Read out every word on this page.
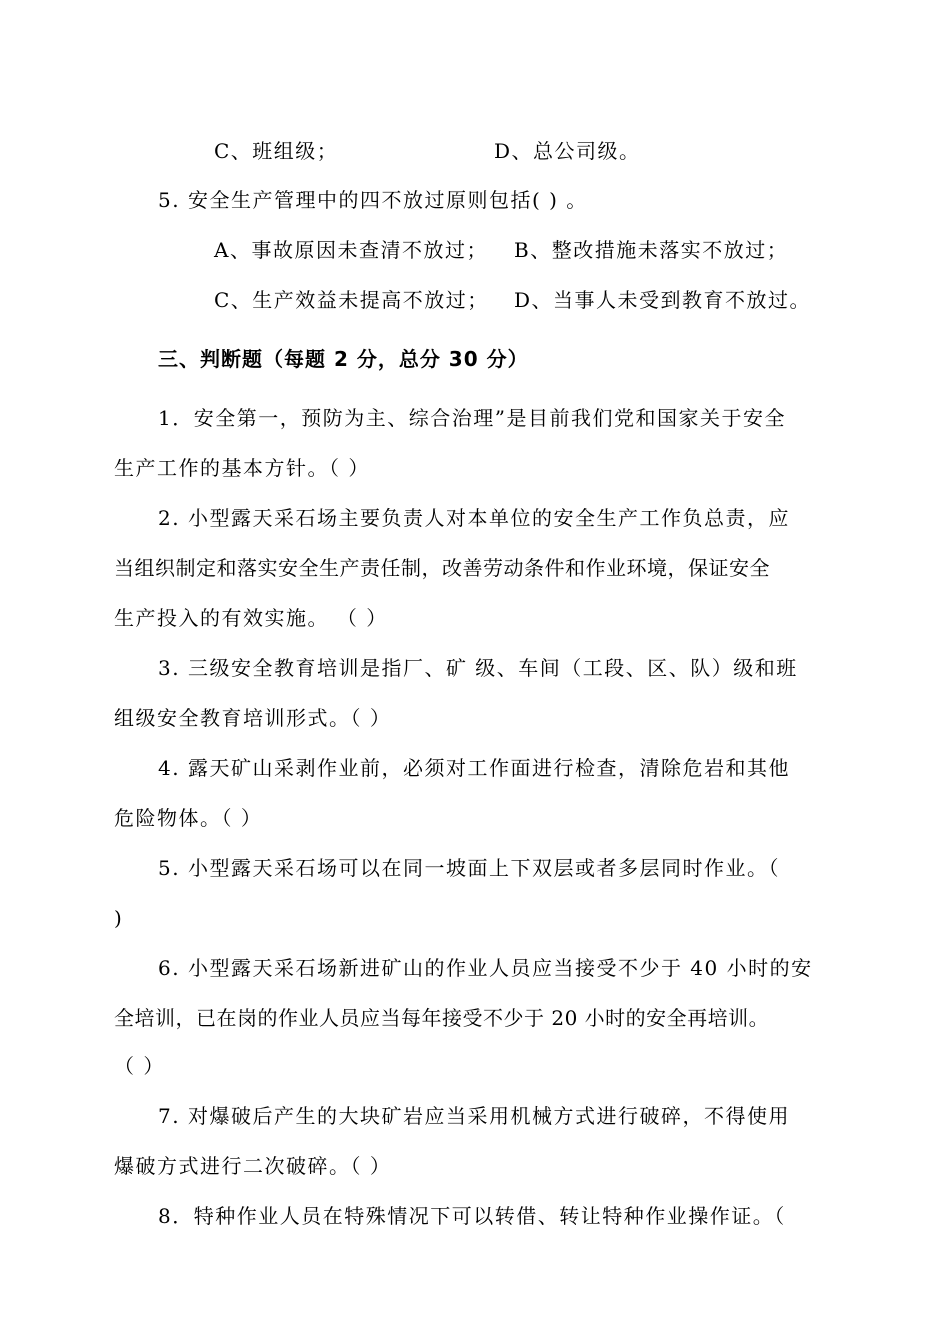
C、班组级；	D、总公司级。
5. 安全生产管理中的四不放过原则包括( ) 。
A、事故原因未查清不放过； B、整改措施未落实不放过；
C、生产效益未提高不放过； D、当事人未受到教育不放过。
三、判断题（每题 2 分，总分 30 分）
1．安全第一，预防为主、综合治理”是目前我们党和国家关于安全
生产工作的基本方针。（ ）
2. 小型露天采石场主要负责人对本单位的安全生产工作负总责，应
当组织制定和落实安全生产责任制，改善劳动条件和作业环境，保证安全
生产投入的有效实施。 （ ）
3. 三级安全教育培训是指厂、矿 级、车间（工段、区、队）级和班
组级安全教育培训形式。（ ）
4. 露天矿山采剥作业前，必须对工作面进行检查，清除危岩和其他
危险物体。（ ）
5. 小型露天采石场可以在同一坡面上下双层或者多层同时作业。（
)
6. 小型露天采石场新进矿山的作业人员应当接受不少于 40 小时的安
全培训，已在岗的作业人员应当每年接受不少于 20 小时的安全再培训。
（ ）
7. 对爆破后产生的大块矿岩应当采用机械方式进行破碎，不得使用
爆破方式进行二次破碎。（ ）
8．特种作业人员在特殊情况下可以转借、转让特种作业操作证。（
